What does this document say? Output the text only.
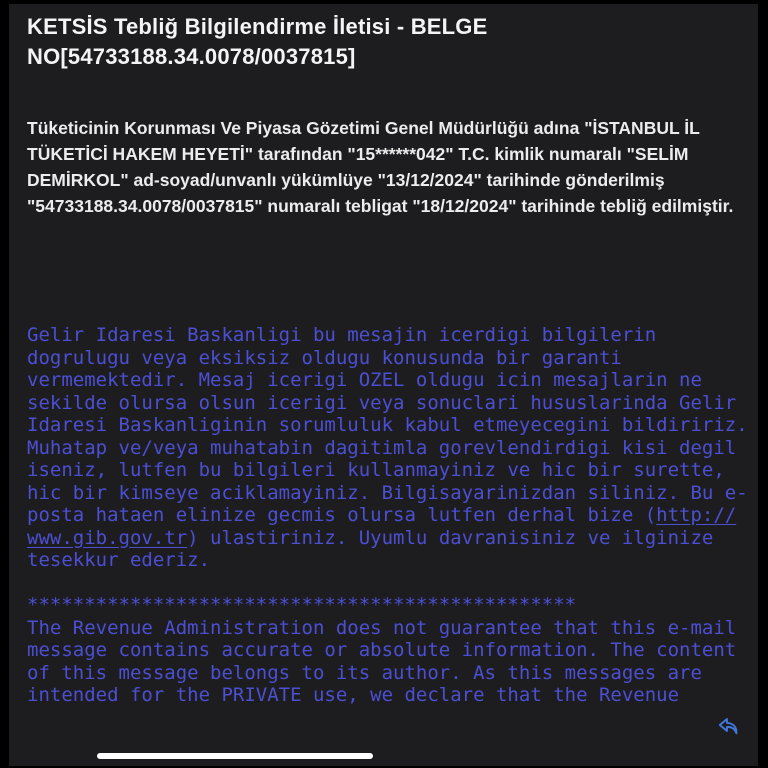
KETSİS Tebliğ Bilgilendirme İletisi - BELGE NO[54733188.34.0078/0037815]
Tüketicinin Korunması Ve Piyasa Gözetimi Genel Müdürlüğü adına "İSTANBUL İL TÜKETİCİ HAKEM HEYETİ" tarafından "15******042" T.C. kimlik numaralı "SELİM DEMİRKOL" ad-soyad/unvanlı yükümlüye "13/12/2024" tarihinde gönderilmiş "54733188.34.0078/0037815" numaralı tebligat "18/12/2024" tarihinde tebliğ edilmiştir.
Gelir Idaresi Baskanligi bu mesajin icerdigi bilgilerin
dogrulugu veya eksiksiz oldugu konusunda bir garanti
vermemektedir. Mesaj icerigi OZEL oldugu icin mesajlarin ne
sekilde olursa olsun icerigi veya sonuclari hususlarinda Gelir
Idaresi Baskanliginin sorumluluk kabul etmeyecegini bildiririz.
Muhatap ve/veya muhatabin dagitimla gorevlendirdigi kisi degil
iseniz, lutfen bu bilgileri kullanmayiniz ve hic bir surette,
hic bir kimseye aciklamayiniz. Bilgisayarinizdan siliniz. Bu e-
posta hataen elinize gecmis olursa lutfen derhal bize (http://
www.gib.gov.tr) ulastiriniz. Uyumlu davranisiniz ve ilginize
tesekkur ederiz.
************************************************
The Revenue Administration does not guarantee that this e-mail
message contains accurate or absolute information. The content
of this message belongs to its author. As this messages are
intended for the PRIVATE use, we declare that the Revenue
